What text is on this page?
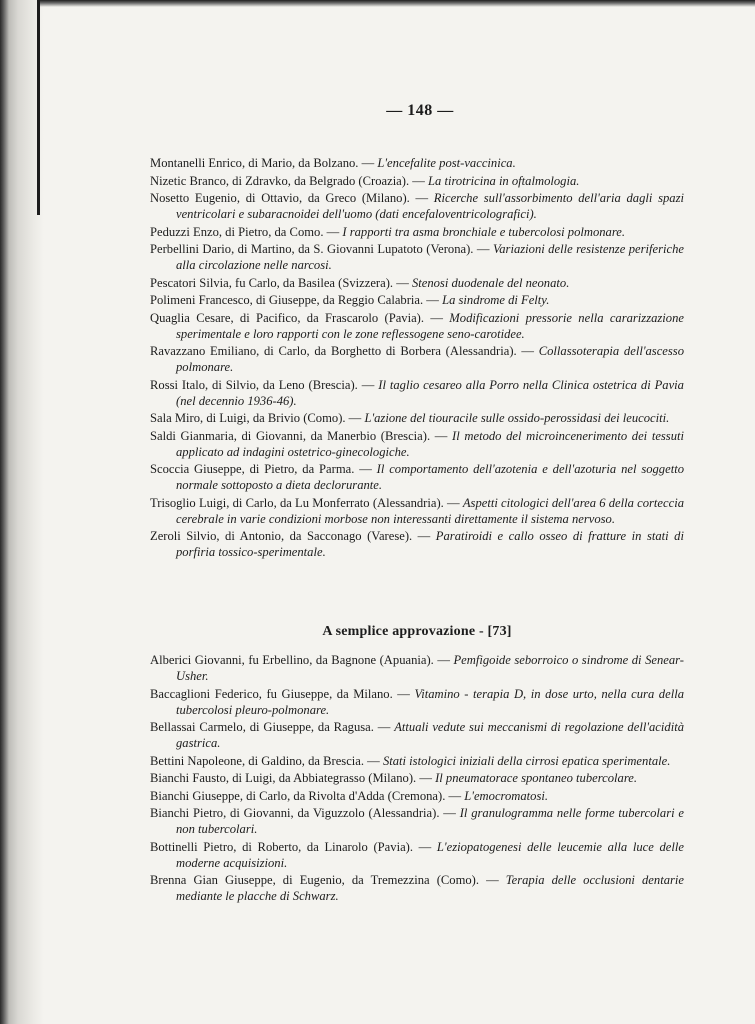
— 148 —
Montanelli Enrico, di Mario, da Bolzano. — L'encefalite post-vaccinica.
Nizetic Branco, di Zdravko, da Belgrado (Croazia). — La tirotricina in oftalmologia.
Nosetto Eugenio, di Ottavio, da Greco (Milano). — Ricerche sull'assorbimento dell'aria dagli spazi ventricolari e subaracnoidei dell'uomo (dati encefaloventricolografici).
Peduzzi Enzo, di Pietro, da Como. — I rapporti tra asma bronchiale e tubercolosi polmonare.
Perbellini Dario, di Martino, da S. Giovanni Lupatoto (Verona). — Variazioni delle resistenze periferiche alla circolazione nelle narcosi.
Pescatori Silvia, fu Carlo, da Basilea (Svizzera). — Stenosi duodenale del neonato.
Polimeni Francesco, di Giuseppe, da Reggio Calabria. — La sindrome di Felty.
Quaglia Cesare, di Pacifico, da Frascarolo (Pavia). — Modificazioni pressorie nella cararizzazione sperimentale e loro rapporti con le zone reflessogene seno-carotidee.
Ravazzano Emiliano, di Carlo, da Borghetto di Borbera (Alessandria). — Collassoterapia dell'ascesso polmonare.
Rossi Italo, di Silvio, da Leno (Brescia). — Il taglio cesareo alla Porro nella Clinica ostetrica di Pavia (nel decennio 1936-46).
Sala Miro, di Luigi, da Brivio (Como). — L'azione del tiouracile sulle ossido-perossidasi dei leucociti.
Saldi Gianmaria, di Giovanni, da Manerbio (Brescia). — Il metodo del microincenerimento dei tessuti applicato ad indagini ostetrico-ginecologiche.
Scoccia Giuseppe, di Pietro, da Parma. — Il comportamento dell'azotenia e dell'azoturia nel soggetto normale sottoposto a dieta declorurante.
Trisoglio Luigi, di Carlo, da Lu Monferrato (Alessandria). — Aspetti citologici dell'area 6 della corteccia cerebrale in varie condizioni morbose non interessanti direttamente il sistema nervoso.
Zeroli Silvio, di Antonio, da Sacconago (Varese). — Paratiroidi e callo osseo di fratture in stati di porfiria tossico-sperimentale.
A semplice approvazione - [73]
Alberici Giovanni, fu Erbellino, da Bagnone (Apuania). — Pemfigoide seborroico o sindrome di Senear-Usher.
Baccaglioni Federico, fu Giuseppe, da Milano. — Vitamino - terapia D, in dose urto, nella cura della tubercolosi pleuro-polmonare.
Bellassai Carmelo, di Giuseppe, da Ragusa. — Attuali vedute sui meccanismi di regolazione dell'acidità gastrica.
Bettini Napoleone, di Galdino, da Brescia. — Stati istologici iniziali della cirrosi epatica sperimentale.
Bianchi Fausto, di Luigi, da Abbiategrasso (Milano). — Il pneumatorace spontaneo tubercolare.
Bianchi Giuseppe, di Carlo, da Rivolta d'Adda (Cremona). — L'emocromatosi.
Bianchi Pietro, di Giovanni, da Viguzzolo (Alessandria). — Il granulogramma nelle forme tubercolari e non tubercolari.
Bottinelli Pietro, di Roberto, da Linarolo (Pavia). — L'eziopatogenesi delle leucemie alla luce delle moderne acquisizioni.
Brenna Gian Giuseppe, di Eugenio, da Tremezzina (Como). — Terapia delle occlusioni dentarie mediante le placche di Schwarz.
